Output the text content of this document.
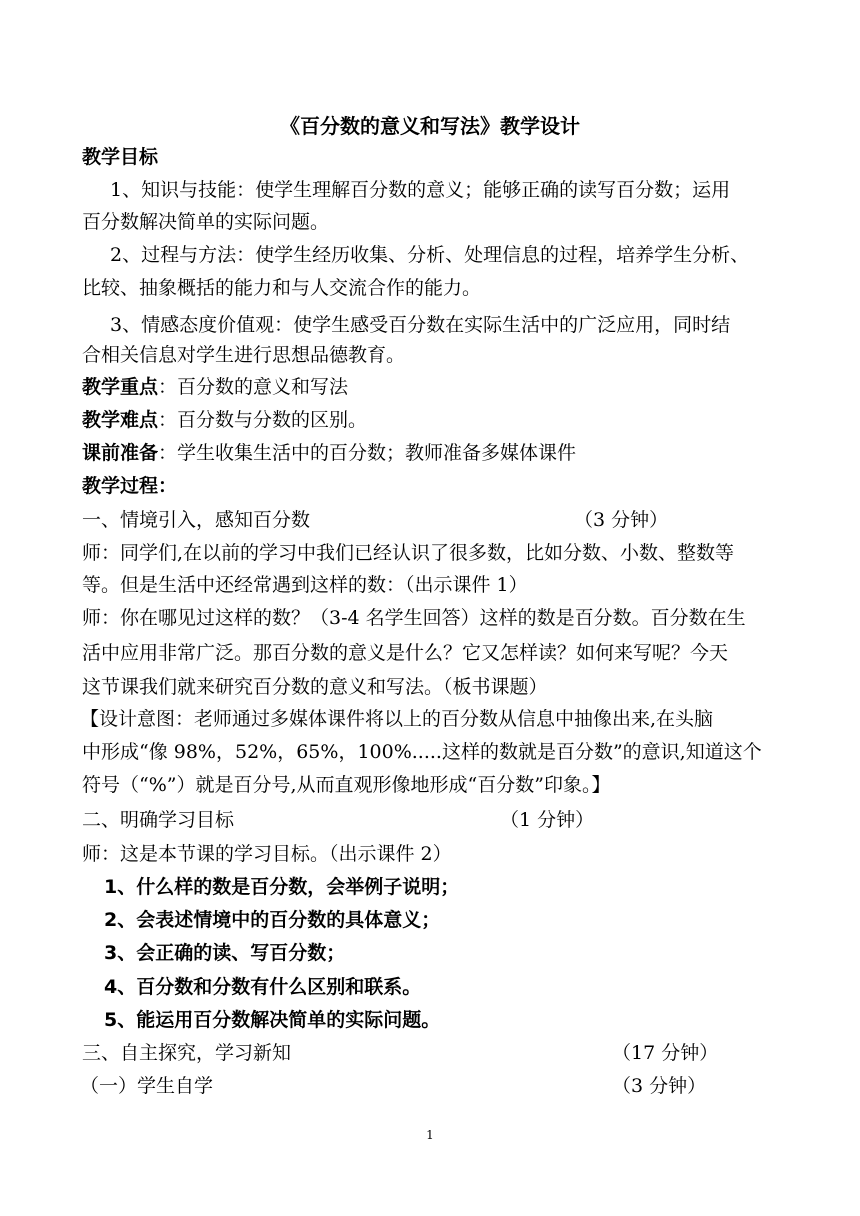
《百分数的意义和写法》教学设计
教学目标
1、知识与技能：使学生理解百分数的意义；能够正确的读写百分数；运用
百分数解决简单的实际问题。
2、过程与方法：使学生经历收集、分析、处理信息的过程，培养学生分析、
比较、抽象概括的能力和与人交流合作的能力。
3、情感态度价值观：使学生感受百分数在实际生活中的广泛应用，同时结
合相关信息对学生进行思想品德教育。
教学重点：百分数的意义和写法
教学难点：百分数与分数的区别。
课前准备：学生收集生活中的百分数；教师准备多媒体课件
教学过程：
一、情境引入，感知百分数	（3 分钟）
师：同学们,在以前的学习中我们已经认识了很多数，比如分数、小数、整数等
等。但是生活中还经常遇到这样的数：（出示课件 1）
师：你在哪见过这样的数？（3-4 名学生回答）这样的数是百分数。百分数在生
活中应用非常广泛。那百分数的意义是什么？它又怎样读？如何来写呢？今天
这节课我们就来研究百分数的意义和写法。（板书课题）
【设计意图：老师通过多媒体课件将以上的百分数从信息中抽像出来,在头脑
中形成“像 98%，52%，65%，100%.....这样的数就是百分数”的意识,知道这个
符号（“%”）就是百分号,从而直观形像地形成“百分数”印象。】
二、明确学习目标	（1 分钟）
师：这是本节课的学习目标。（出示课件 2）
1、什么样的数是百分数，会举例子说明；
2、会表述情境中的百分数的具体意义；
3、会正确的读、写百分数；
4、百分数和分数有什么区别和联系。
5、能运用百分数解决简单的实际问题。
三、自主探究，学习新知	（17 分钟）
（一）学生自学	（3 分钟）
1
